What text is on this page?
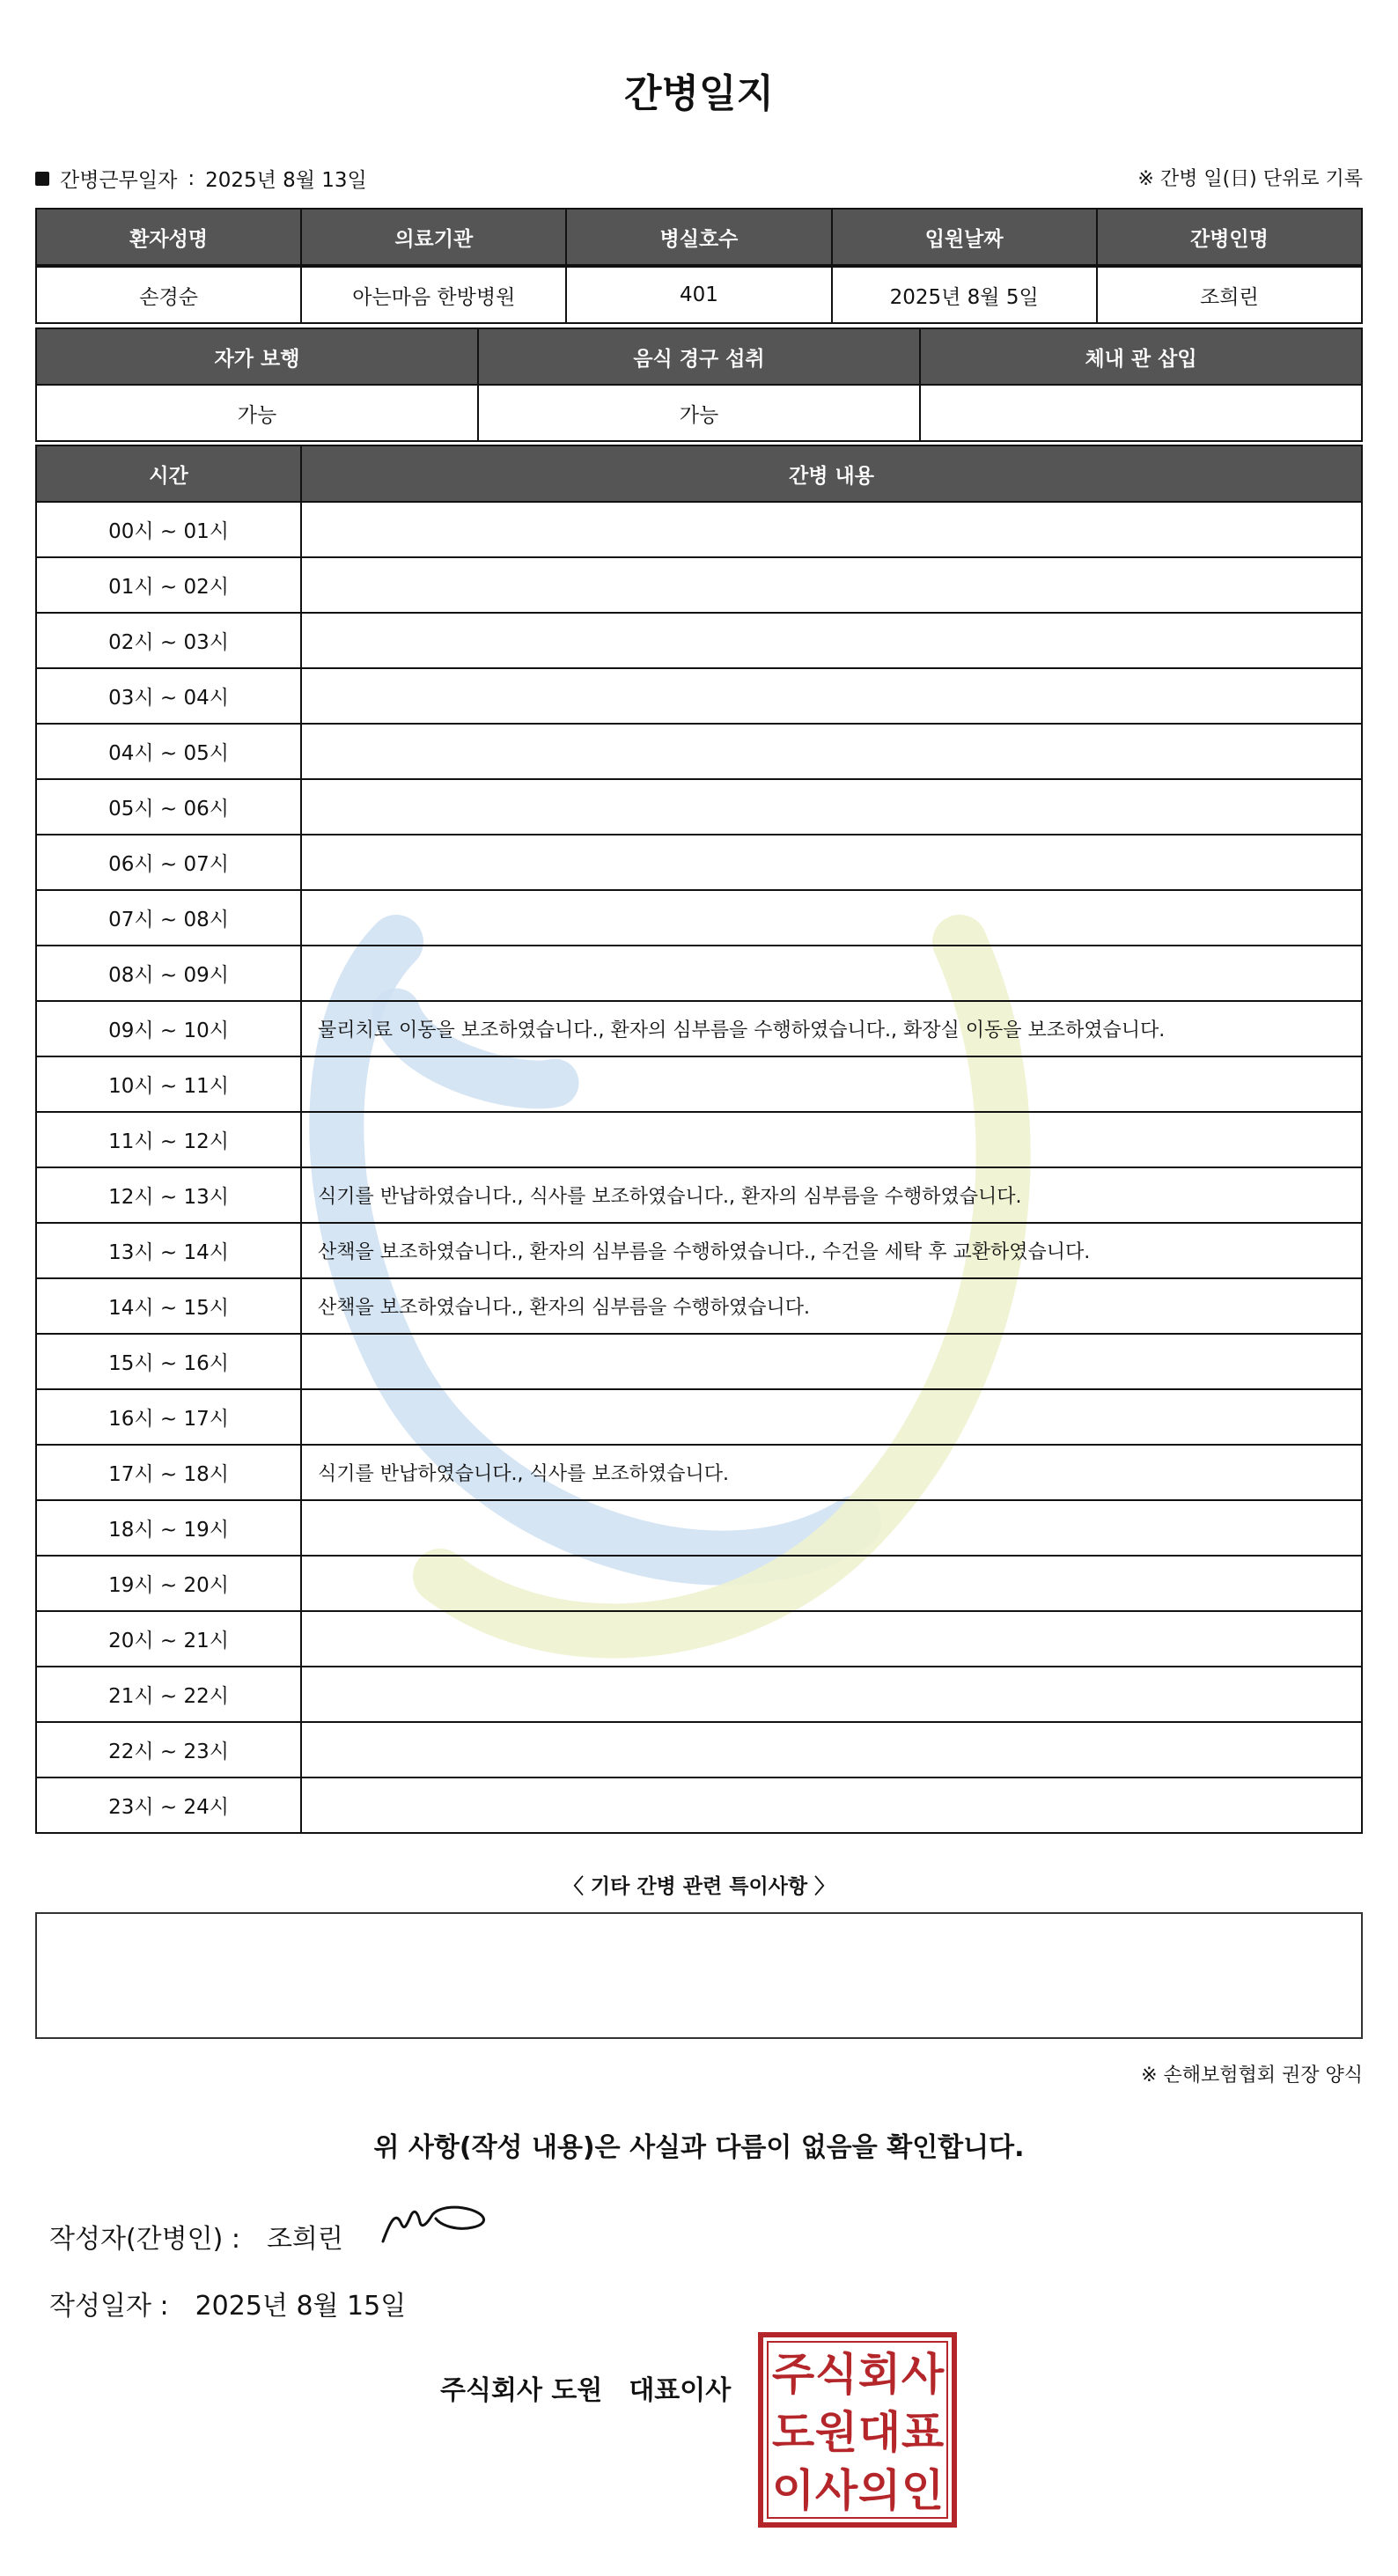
간병일지
간병근무일자 : 2025년 8월 13일	※ 간병 일(日) 단위로 기록
환자성명	의료기관	병실호수	입원날짜	간병인명
손경순	아는마음 한방병원	401	2025년 8월 5일	조희린
자가 보행	음식 경구 섭취	체내 관 삽입
가능	가능	
시간	간병 내용
00시 ~ 01시	
01시 ~ 02시	
02시 ~ 03시	
03시 ~ 04시	
04시 ~ 05시	
05시 ~ 06시	
06시 ~ 07시	
07시 ~ 08시	
08시 ~ 09시	
09시 ~ 10시	물리치료 이동을 보조하였습니다., 환자의 심부름을 수행하였습니다., 화장실 이동을 보조하였습니다.
10시 ~ 11시	
11시 ~ 12시	
12시 ~ 13시	식기를 반납하였습니다., 식사를 보조하였습니다., 환자의 심부름을 수행하였습니다.
13시 ~ 14시	산책을 보조하였습니다., 환자의 심부름을 수행하였습니다., 수건을 세탁 후 교환하였습니다.
14시 ~ 15시	산책을 보조하였습니다., 환자의 심부름을 수행하였습니다.
15시 ~ 16시	
16시 ~ 17시	
17시 ~ 18시	식기를 반납하였습니다., 식사를 보조하였습니다.
18시 ~ 19시	
19시 ~ 20시	
20시 ~ 21시	
21시 ~ 22시	
22시 ~ 23시	
23시 ~ 24시	
〈 기타 간병 관련 특이사항 〉
※ 손해보험협회 권장 양식
위 사항(작성 내용)은 사실과 다름이 없음을 확인합니다.
작성자(간병인) : 조희린
작성일자 : 2025년 8월 15일
주식회사 도원 대표이사 주 식 회 사
도 원 대 표
이 사 의 인
